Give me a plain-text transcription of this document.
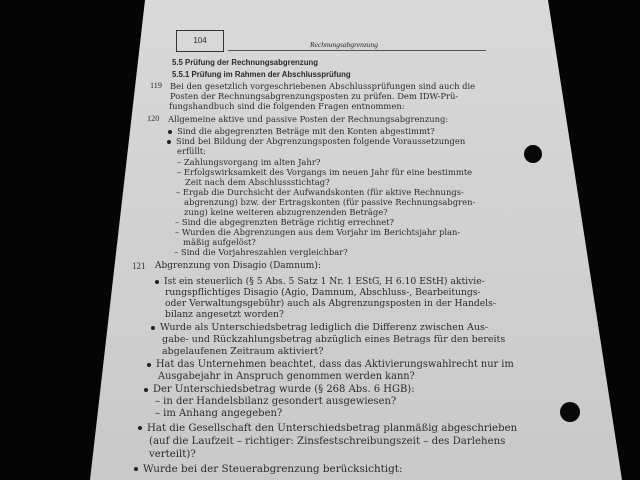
104	Rechnungsabgrenzung
5.5 Prüfung der Rechnungsabgrenzung
5.5.1 Prüfung im Rahmen der Abschlussprüfung
119 Bei den gesetzlich vorgeschriebenen Abschlussprüfungen sind auch die
Posten der Rechnungsabgrenzungsposten zu prüfen. Dem IDW-Prü-
fungshandbuch sind die folgenden Fragen entnommen:
120 Allgemeine aktive und passive Posten der Rechnungsabgrenzung:
Sind die abgegrenzten Beträge mit den Konten abgestimmt?
Sind bei Bildung der Abgrenzungsposten folgende Voraussetzungen
erfüllt:
– Zahlungsvorgang im alten Jahr?
– Erfolgswirksamkeit des Vorgangs im neuen Jahr für eine bestimmte
Zeit nach dem Abschlussstichtag?
– Ergab die Durchsicht der Aufwandskonten (für aktive Rechnungs-
abgrenzung) bzw. der Ertragskonten (für passive Rechnungsabgren-
zung) keine weiteren abzugrenzenden Beträge?
– Sind die abgegrenzten Beträge richtig errechnet?
– Wurden die Abgrenzungen aus dem Vorjahr im Berichtsjahr plan-
mäßig aufgelöst?
– Sind die Vorjahreszahlen vergleichbar?
121 Abgrenzung von Disagio (Damnum):
Ist ein steuerlich (§ 5 Abs. 5 Satz 1 Nr. 1 EStG, H 6.10 EStH) aktivie-
rungspflichtiges Disagio (Agio, Damnum, Abschluss-, Bearbeitungs-
oder Verwaltungsgebühr) auch als Abgrenzungsposten in der Handels-
bilanz angesetzt worden?
Wurde als Unterschiedsbetrag lediglich die Differenz zwischen Aus-
gabe- und Rückzahlungsbetrag abzüglich eines Betrags für den bereits
abgelaufenen Zeitraum aktiviert?
Hat das Unternehmen beachtet, dass das Aktivierungswahlrecht nur im
Ausgabejahr in Anspruch genommen werden kann?
Der Unterschiedsbetrag wurde (§ 268 Abs. 6 HGB):
– in der Handelsbilanz gesondert ausgewiesen?
– im Anhang angegeben?
Hat die Gesellschaft den Unterschiedsbetrag planmäßig abgeschrieben
(auf die Laufzeit – richtiger: Zinsfestschreibungszeit – des Darlehens
verteilt)?
Wurde bei der Steuerabgrenzung berücksichtigt:
